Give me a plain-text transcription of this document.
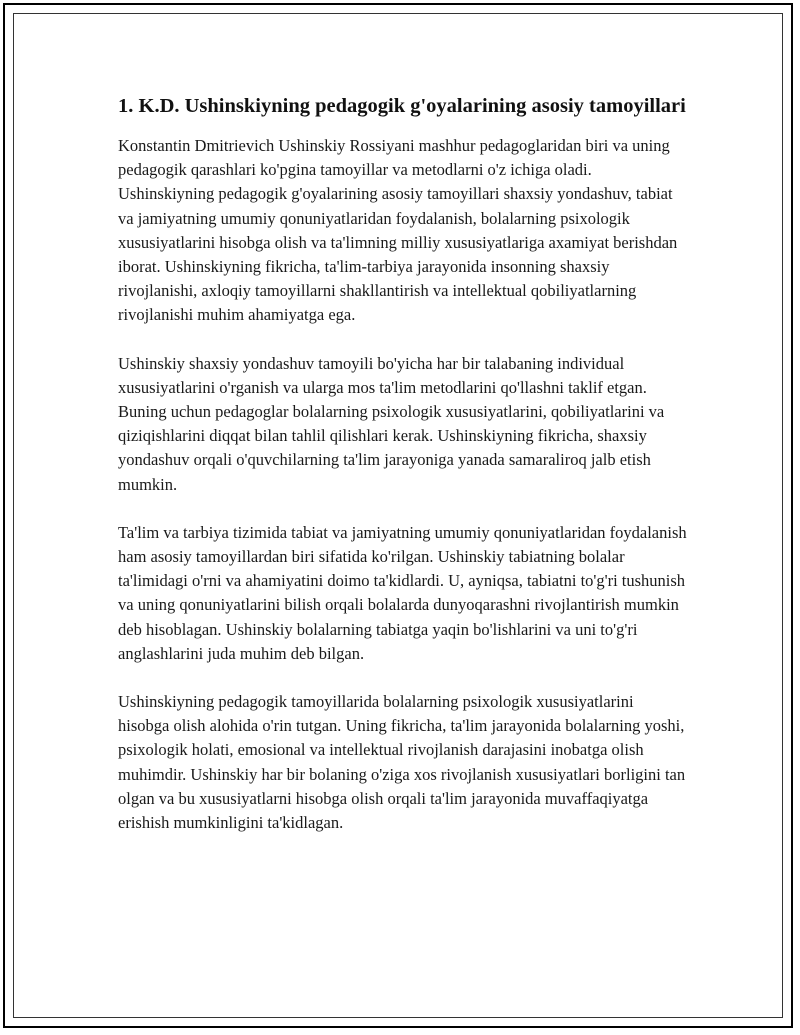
1. K.D. Ushinskiyning pedagogik g'oyalarining asosiy tamoyillari

Konstantin Dmitrievich Ushinskiy Rossiyani mashhur pedagoglaridan biri va uning pedagogik qarashlari ko'pgina tamoyillar va metodlarni o'z ichiga oladi. Ushinskiyning pedagogik g'oyalarining asosiy tamoyillari shaxsiy yondashuv, tabiat va jamiyatning umumiy qonuniyatlaridan foydalanish, bolalarning psixologik xususiyatlarini hisobga olish va ta'limning milliy xususiyatlariga axamiyat berishdan iborat. Ushinskiyning fikricha, ta'lim-tarbiya jarayonida insonning shaxsiy rivojlanishi, axloqiy tamoyillarni shakllantirish va intellektual qobiliyatlarning rivojlanishi muhim ahamiyatga ega.

Ushinskiy shaxsiy yondashuv tamoyili bo'yicha har bir talabaning individual xususiyatlarini o'rganish va ularga mos ta'lim metodlarini qo'llashni taklif etgan. Buning uchun pedagoglar bolalarning psixologik xususiyatlarini, qobiliyatlarini va qiziqishlarini diqqat bilan tahlil qilishlari kerak. Ushinskiyning fikricha, shaxsiy yondashuv orqali o'quvchilarning ta'lim jarayoniga yanada samaraliroq jalb etish mumkin.

Ta'lim va tarbiya tizimida tabiat va jamiyatning umumiy qonuniyatlaridan foydalanish ham asosiy tamoyillardan biri sifatida ko'rilgan. Ushinskiy tabiatning bolalar ta'limidagi o'rni va ahamiyatini doimo ta'kidlardi. U, ayniqsa, tabiatni to'g'ri tushunish va uning qonuniyatlarini bilish orqali bolalarda dunyoqarashni rivojlantirish mumkin deb hisoblagan. Ushinskiy bolalarning tabiatga yaqin bo'lishlarini va uni to'g'ri anglashlarini juda muhim deb bilgan.

Ushinskiyning pedagogik tamoyillarida bolalarning psixologik xususiyatlarini hisobga olish alohida o'rin tutgan. Uning fikricha, ta'lim jarayonida bolalarning yoshi, psixologik holati, emosional va intellektual rivojlanish darajasini inobatga olish muhimdir. Ushinskiy har bir bolaning o'ziga xos rivojlanish xususiyatlari borligini tan olgan va bu xususiyatlarni hisobga olish orqali ta'lim jarayonida muvaffaqiyatga erishish mumkinligini ta'kidlagan.
